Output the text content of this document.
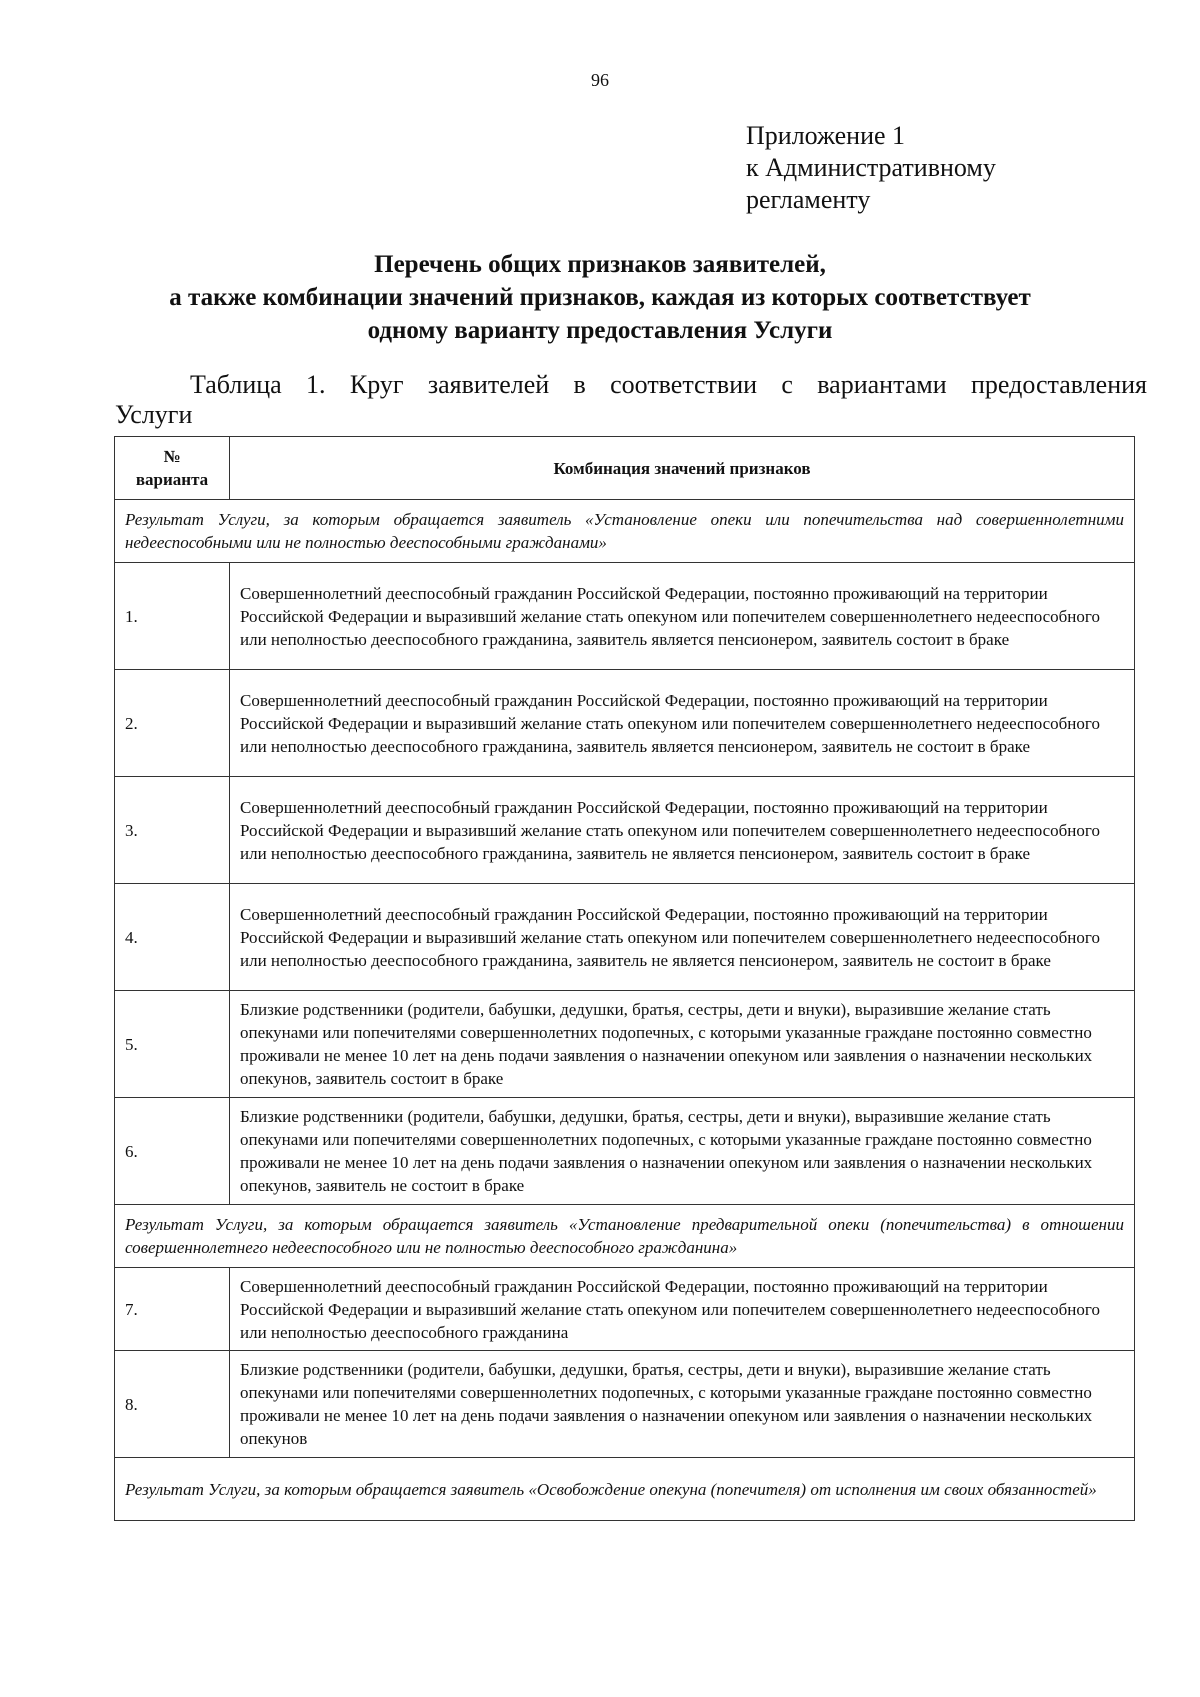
96
Приложение 1
к Административному
регламенту
Перечень общих признаков заявителей,
а также комбинации значений признаков, каждая из которых соответствует
одному варианту предоставления Услуги
Таблица 1. Круг заявителей в соответствии с вариантами предоставления
Услуги
№
варианта	Комбинация значений признаков
Результат Услуги, за которым обращается заявитель «Установление опеки или попечительства над совершеннолетними недееспособными или не полностью дееспособными гражданами»	
1.	Совершеннолетний дееспособный гражданин Российской Федерации, постоянно проживающий на территории Российской Федерации и выразивший желание стать опекуном или попечителем совершеннолетнего недееспособного или неполностью дееспособного гражданина, заявитель является пенсионером, заявитель состоит в браке
2.	Совершеннолетний дееспособный гражданин Российской Федерации, постоянно проживающий на территории Российской Федерации и выразивший желание стать опекуном или попечителем совершеннолетнего недееспособного или неполностью дееспособного гражданина, заявитель является пенсионером, заявитель не состоит в браке
3.	Совершеннолетний дееспособный гражданин Российской Федерации, постоянно проживающий на территории Российской Федерации и выразивший желание стать опекуном или попечителем совершеннолетнего недееспособного или неполностью дееспособного гражданина, заявитель не является пенсионером, заявитель состоит в браке
4.	Совершеннолетний дееспособный гражданин Российской Федерации, постоянно проживающий на территории Российской Федерации и выразивший желание стать опекуном или попечителем совершеннолетнего недееспособного или неполностью дееспособного гражданина, заявитель не является пенсионером, заявитель не состоит в браке
5.	Близкие родственники (родители, бабушки, дедушки, братья, сестры, дети и внуки), выразившие желание стать опекунами или попечителями совершеннолетних подопечных, с которыми указанные граждане постоянно совместно проживали не менее 10 лет на день подачи заявления о назначении опекуном или заявления о назначении нескольких опекунов, заявитель состоит в браке
6.	Близкие родственники (родители, бабушки, дедушки, братья, сестры, дети и внуки), выразившие желание стать опекунами или попечителями совершеннолетних подопечных, с которыми указанные граждане постоянно совместно проживали не менее 10 лет на день подачи заявления о назначении опекуном или заявления о назначении нескольких опекунов, заявитель не состоит в браке
Результат Услуги, за которым обращается заявитель «Установление предварительной опеки (попечительства) в отношении совершеннолетнего недееспособного или не полностью дееспособного гражданина»	
7.	Совершеннолетний дееспособный гражданин Российской Федерации, постоянно проживающий на территории Российской Федерации и выразивший желание стать опекуном или попечителем совершеннолетнего недееспособного или неполностью дееспособного гражданина
8.	Близкие родственники (родители, бабушки, дедушки, братья, сестры, дети и внуки), выразившие желание стать опекунами или попечителями совершеннолетних подопечных, с которыми указанные граждане постоянно совместно проживали не менее 10 лет на день подачи заявления о назначении опекуном или заявления о назначении нескольких опекунов
Результат Услуги, за которым обращается заявитель «Освобождение опекуна (попечителя) от исполнения им своих обязанностей»	
